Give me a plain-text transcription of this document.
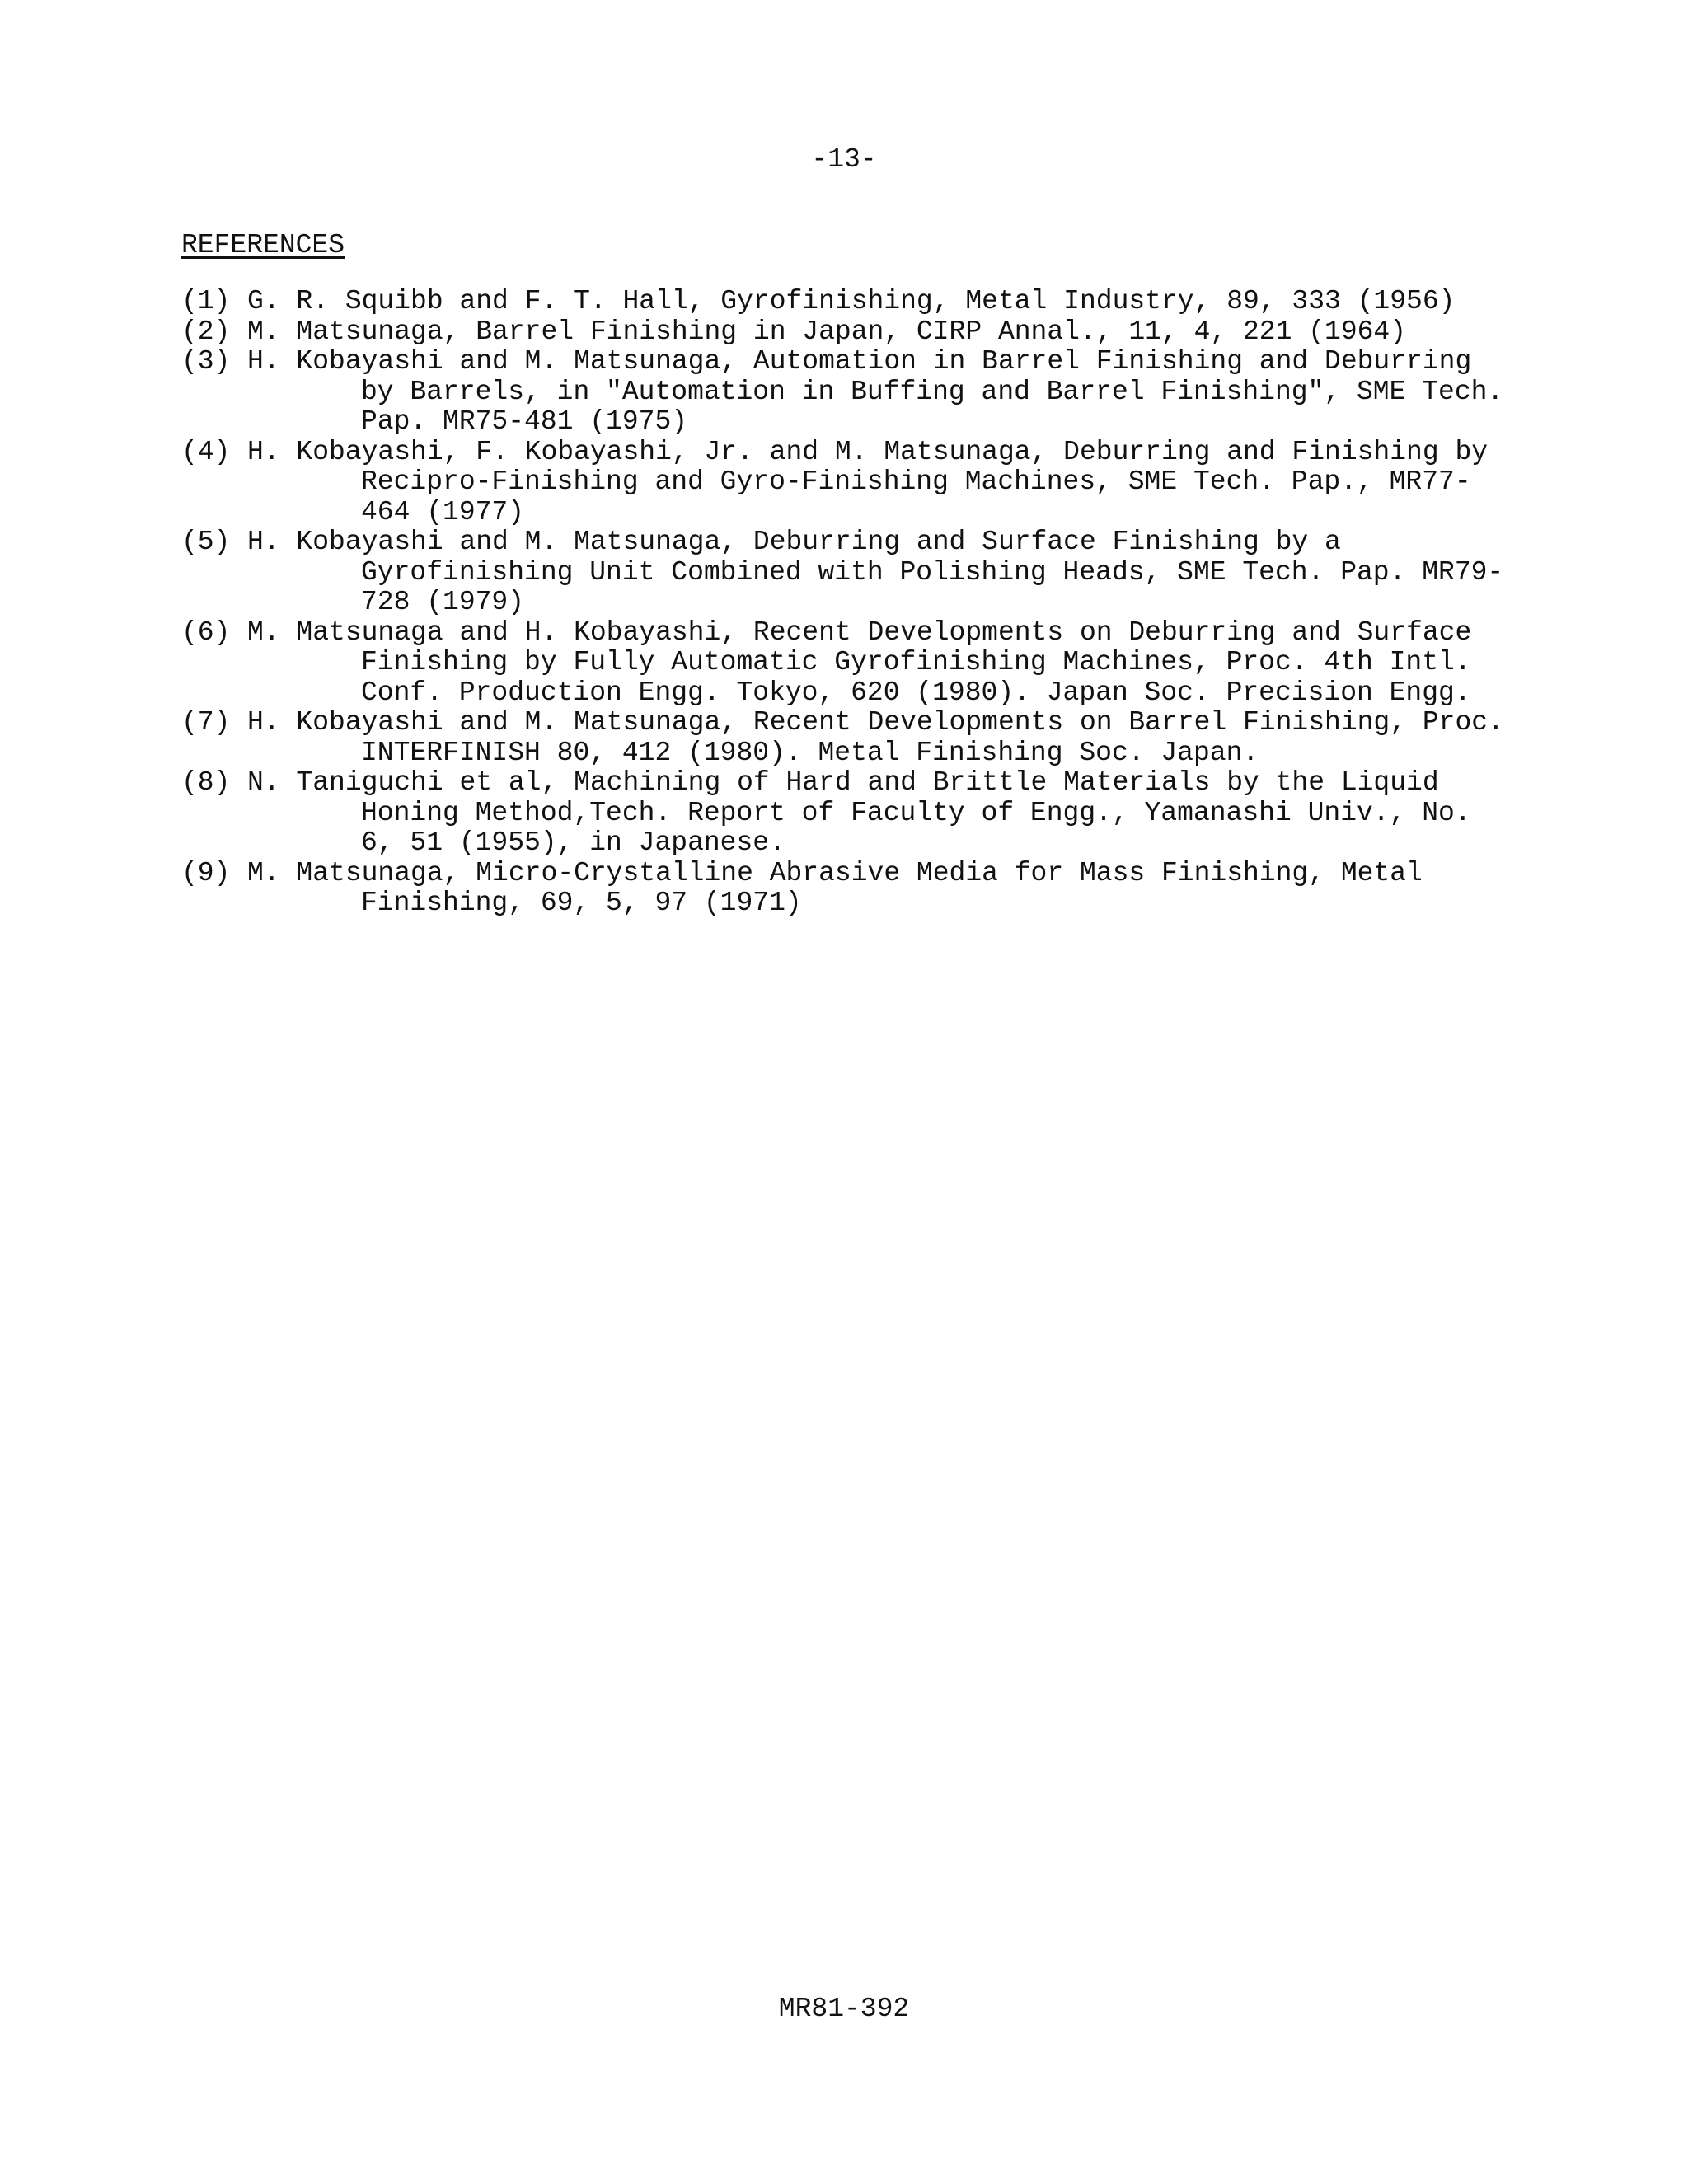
-13-
REFERENCES
(1) G. R. Squibb and F. T. Hall, Gyrofinishing, Metal Industry, 89, 333 (1956)
(2) M. Matsunaga, Barrel Finishing in Japan, CIRP Annal., 11, 4, 221 (1964)
(3) H. Kobayashi and M. Matsunaga, Automation in Barrel Finishing and Deburring by Barrels, in "Automation in Buffing and Barrel Finishing", SME Tech. Pap. MR75-481 (1975)
(4) H. Kobayashi, F. Kobayashi, Jr. and M. Matsunaga, Deburring and Finishing by Recipro-Finishing and Gyro-Finishing Machines, SME Tech. Pap., MR77-464 (1977)
(5) H. Kobayashi and M. Matsunaga, Deburring and Surface Finishing by a Gyrofinishing Unit Combined with Polishing Heads, SME Tech. Pap. MR79-728 (1979)
(6) M. Matsunaga and H. Kobayashi, Recent Developments on Deburring and Surface Finishing by Fully Automatic Gyrofinishing Machines, Proc. 4th Intl. Conf. Production Engg. Tokyo, 620 (1980). Japan Soc. Precision Engg.
(7) H. Kobayashi and M. Matsunaga, Recent Developments on Barrel Finishing, Proc. INTERFINISH 80, 412 (1980). Metal Finishing Soc. Japan.
(8) N. Taniguchi et al, Machining of Hard and Brittle Materials by the Liquid Honing Method,Tech. Report of Faculty of Engg., Yamanashi Univ., No. 6, 51 (1955), in Japanese.
(9) M. Matsunaga, Micro-Crystalline Abrasive Media for Mass Finishing, Metal Finishing, 69, 5, 97 (1971)
MR81-392
